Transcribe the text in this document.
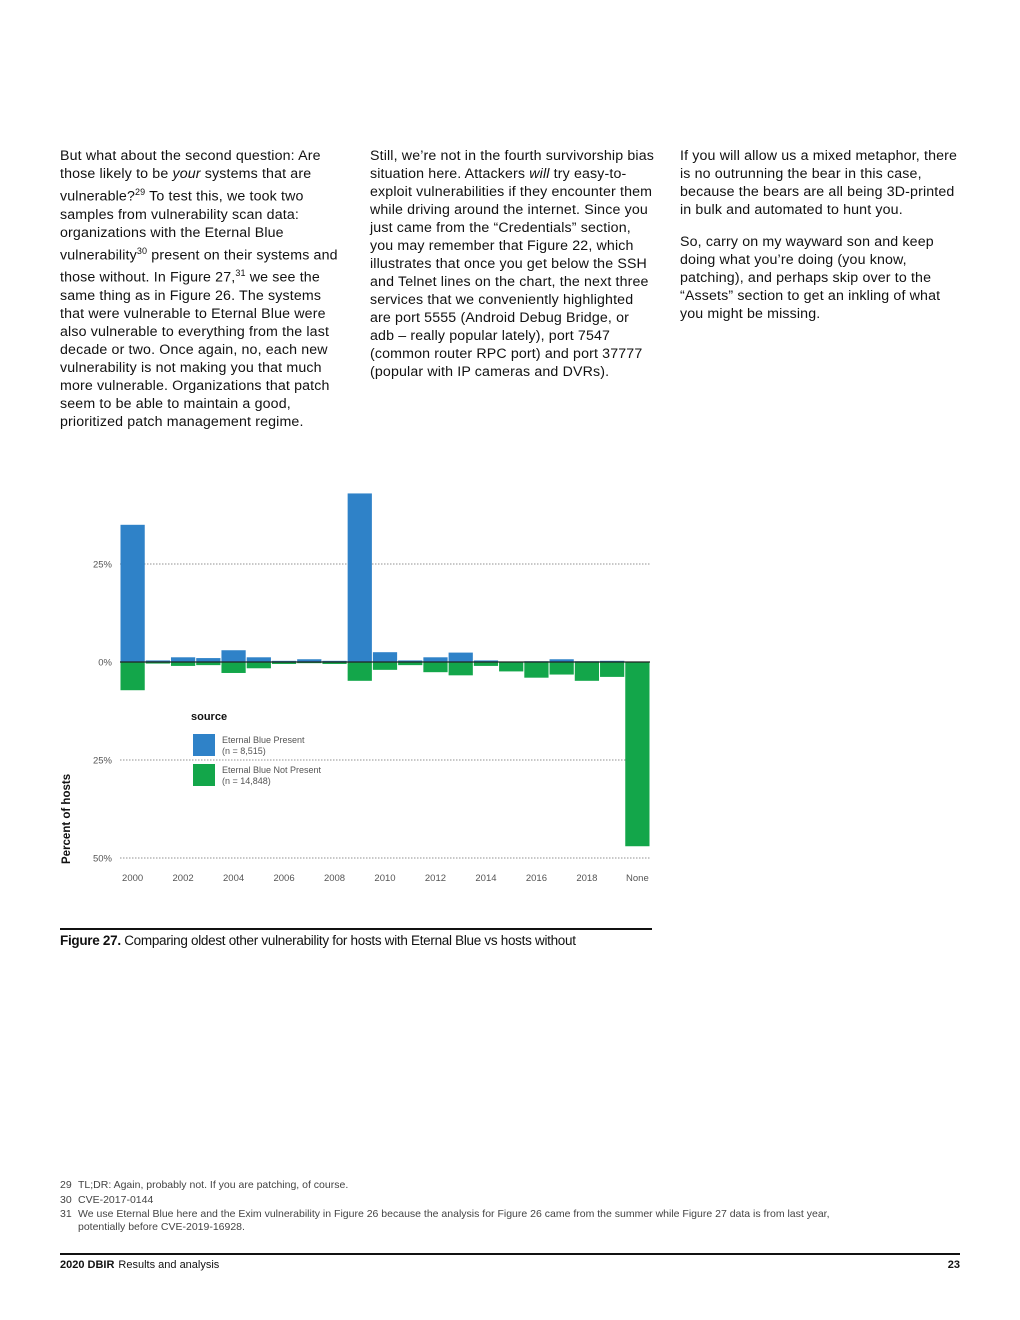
But what about the second question: Are those likely to be your systems that are vulnerable?$^{29}$ To test this, we took two samples from vulnerability scan data: organizations with the Eternal Blue vulnerability$^{30}$ present on their systems and those without. In Figure 27,31 we see the same thing as in Figure 26. The systems that were vulnerable to Eternal Blue were also vulnerable to everything from the last decade or two. Once again, no, each new vulnerability is not making you that much more vulnerable. Organizations that patch seem to be able to maintain a good, prioritized patch management regime.

Still, we’re not in the fourth survivorship bias situation here. Attackers will try easy-to-exploit vulnerabilities if they encounter them while driving around the internet. Since you just came from the “Credentials” section, you may remember that Figure 22, which illustrates that once you get below the SSH and Telnet lines on the chart, the next three services that we conveniently highlighted are port 5555 (Android Debug Bridge, or adb – really popular lately), port 7547 (common router RPC port) and port 37777 (popular with IP cameras and DVRs).

If you will allow us a mixed metaphor, there is no outrunning the bear in this case, because the bears are all being 3D-printed in bulk and automated to hunt you.

So, carry on my wayward son and keep doing what you’re doing (you know, patching), and perhaps skip over to the “Assets” section to get an inkling of what you might be missing.

25%
0%
25%
50%
2000	2002	2004	2006	2008	2010	2012	2014	2016	2018	None
Percent of hosts
source
Eternal Blue Present
(n = 8,515)
Eternal Blue Not Present
(n = 14,848)
Figure 27. Comparing oldest other vulnerability for hosts with Eternal Blue vs hosts without
29 TL;DR: Again, probably not. If you are patching, of course.
30 CVE-2017-0144
31 We use Eternal Blue here and the Exim vulnerability in Figure 26 because the analysis for Figure 26 came from the summer while Figure 27 data is from last year, potentially before CVE-2019-16928.
2020 DBIR Results and analysis	23
